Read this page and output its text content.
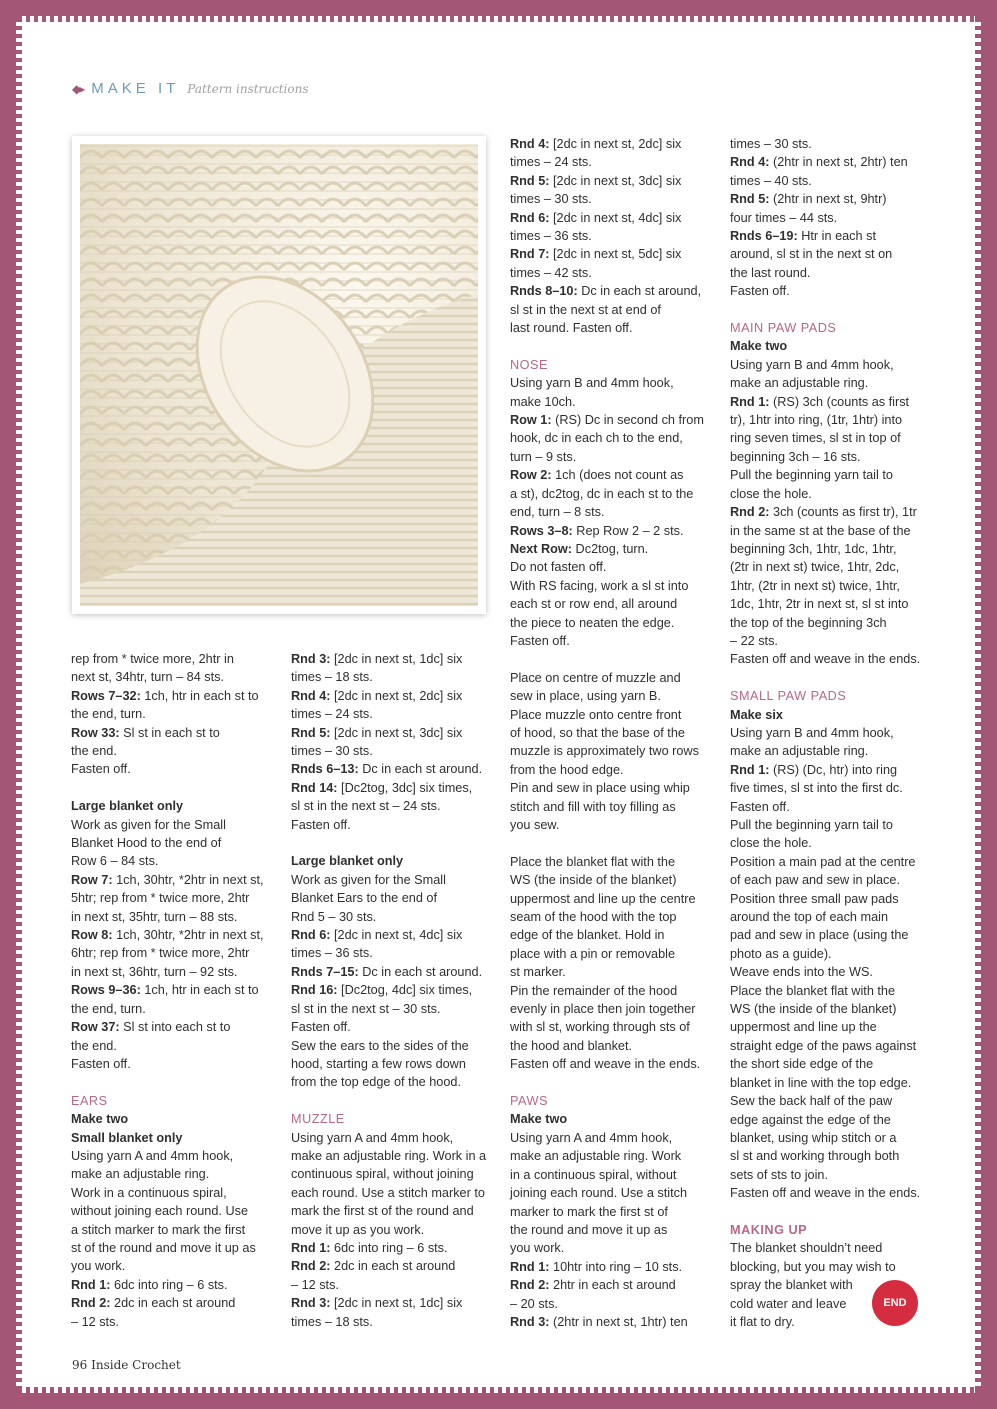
◆▸ MAKE IT Pattern instructions

rep from * twice more, 2htr in

next st, 34htr, turn – 84 sts.

Rows 7–32: 1ch, htr in each st to

the end, turn.

Row 33: Sl st in each st to

the end.

Fasten off.

Large blanket only

Work as given for the Small

Blanket Hood to the end of

Row 6 – 84 sts.

Row 7: 1ch, 30htr, *2htr in next st,

5htr; rep from * twice more, 2htr

in next st, 35htr, turn – 88 sts.

Row 8: 1ch, 30htr, *2htr in next st,

6htr; rep from * twice more, 2htr

in next st, 36htr, turn – 92 sts.

Rows 9–36: 1ch, htr in each st to

the end, turn.

Row 37: Sl st into each st to

the end.

Fasten off.

EARS

Make two

Small blanket only

Using yarn A and 4mm hook,

make an adjustable ring.

Work in a continuous spiral,

without joining each round. Use

a stitch marker to mark the first

st of the round and move it up as

you work.

Rnd 1: 6dc into ring – 6 sts.

Rnd 2: 2dc in each st around

– 12 sts.

Rnd 3: [2dc in next st, 1dc] six

times – 18 sts.

Rnd 4: [2dc in next st, 2dc] six

times – 24 sts.

Rnd 5: [2dc in next st, 3dc] six

times – 30 sts.

Rnds 6–13: Dc in each st around.

Rnd 14: [Dc2tog, 3dc] six times,

sl st in the next st – 24 sts.

Fasten off.

Large blanket only

Work as given for the Small

Blanket Ears to the end of

Rnd 5 – 30 sts.

Rnd 6: [2dc in next st, 4dc] six

times – 36 sts.

Rnds 7–15: Dc in each st around.

Rnd 16: [Dc2tog, 4dc] six times,

sl st in the next st – 30 sts.

Fasten off.

Sew the ears to the sides of the

hood, starting a few rows down

from the top edge of the hood.

MUZZLE

Using yarn A and 4mm hook,

make an adjustable ring. Work in a

continuous spiral, without joining

each round. Use a stitch marker to

mark the first st of the round and

move it up as you work.

Rnd 1: 6dc into ring – 6 sts.

Rnd 2: 2dc in each st around

– 12 sts.

Rnd 3: [2dc in next st, 1dc] six

times – 18 sts.

Rnd 4: [2dc in next st, 2dc] six

times – 24 sts.

Rnd 5: [2dc in next st, 3dc] six

times – 30 sts.

Rnd 6: [2dc in next st, 4dc] six

times – 36 sts.

Rnd 7: [2dc in next st, 5dc] six

times – 42 sts.

Rnds 8–10: Dc in each st around,

sl st in the next st at end of

last round. Fasten off.

NOSE

Using yarn B and 4mm hook,

make 10ch.

Row 1: (RS) Dc in second ch from

hook, dc in each ch to the end,

turn – 9 sts.

Row 2: 1ch (does not count as

a st), dc2tog, dc in each st to the

end, turn – 8 sts.

Rows 3–8: Rep Row 2 – 2 sts.

Next Row: Dc2tog, turn.

Do not fasten off.

With RS facing, work a sl st into

each st or row end, all around

the piece to neaten the edge.

Fasten off.

Place on centre of muzzle and

sew in place, using yarn B.

Place muzzle onto centre front

of hood, so that the base of the

muzzle is approximately two rows

from the hood edge.

Pin and sew in place using whip

stitch and fill with toy filling as

you sew.

Place the blanket flat with the

WS (the inside of the blanket)

uppermost and line up the centre

seam of the hood with the top

edge of the blanket. Hold in

place with a pin or removable

st marker.

Pin the remainder of the hood

evenly in place then join together

with sl st, working through sts of

the hood and blanket.

Fasten off and weave in the ends.

PAWS

Make two

Using yarn A and 4mm hook,

make an adjustable ring. Work

in a continuous spiral, without

joining each round. Use a stitch

marker to mark the first st of

the round and move it up as

you work.

Rnd 1: 10htr into ring – 10 sts.

Rnd 2: 2htr in each st around

– 20 sts.

Rnd 3: (2htr in next st, 1htr) ten

times – 30 sts.

Rnd 4: (2htr in next st, 2htr) ten

times – 40 sts.

Rnd 5: (2htr in next st, 9htr)

four times – 44 sts.

Rnds 6–19: Htr in each st

around, sl st in the next st on

the last round.

Fasten off.

MAIN PAW PADS

Make two

Using yarn B and 4mm hook,

make an adjustable ring.

Rnd 1: (RS) 3ch (counts as first

tr), 1htr into ring, (1tr, 1htr) into

ring seven times, sl st in top of

beginning 3ch – 16 sts.

Pull the beginning yarn tail to

close the hole.

Rnd 2: 3ch (counts as first tr), 1tr

in the same st at the base of the

beginning 3ch, 1htr, 1dc, 1htr,

(2tr in next st) twice, 1htr, 2dc,

1htr, (2tr in next st) twice, 1htr,

1dc, 1htr, 2tr in next st, sl st into

the top of the beginning 3ch

– 22 sts.

Fasten off and weave in the ends.

SMALL PAW PADS

Make six

Using yarn B and 4mm hook,

make an adjustable ring.

Rnd 1: (RS) (Dc, htr) into ring

five times, sl st into the first dc.

Fasten off.

Pull the beginning yarn tail to

close the hole.

Position a main pad at the centre

of each paw and sew in place.

Position three small paw pads

around the top of each main

pad and sew in place (using the

photo as a guide).

Weave ends into the WS.

Place the blanket flat with the

WS (the inside of the blanket)

uppermost and line up the

straight edge of the paws against

the short side edge of the

blanket in line with the top edge.

Sew the back half of the paw

edge against the edge of the

blanket, using whip stitch or a

sl st and working through both

sets of sts to join.

Fasten off and weave in the ends.

MAKING UP

The blanket shouldn’t need

blocking, but you may wish to

spray the blanket with

cold water and leave

it flat to dry.

END
96 Inside Crochet
